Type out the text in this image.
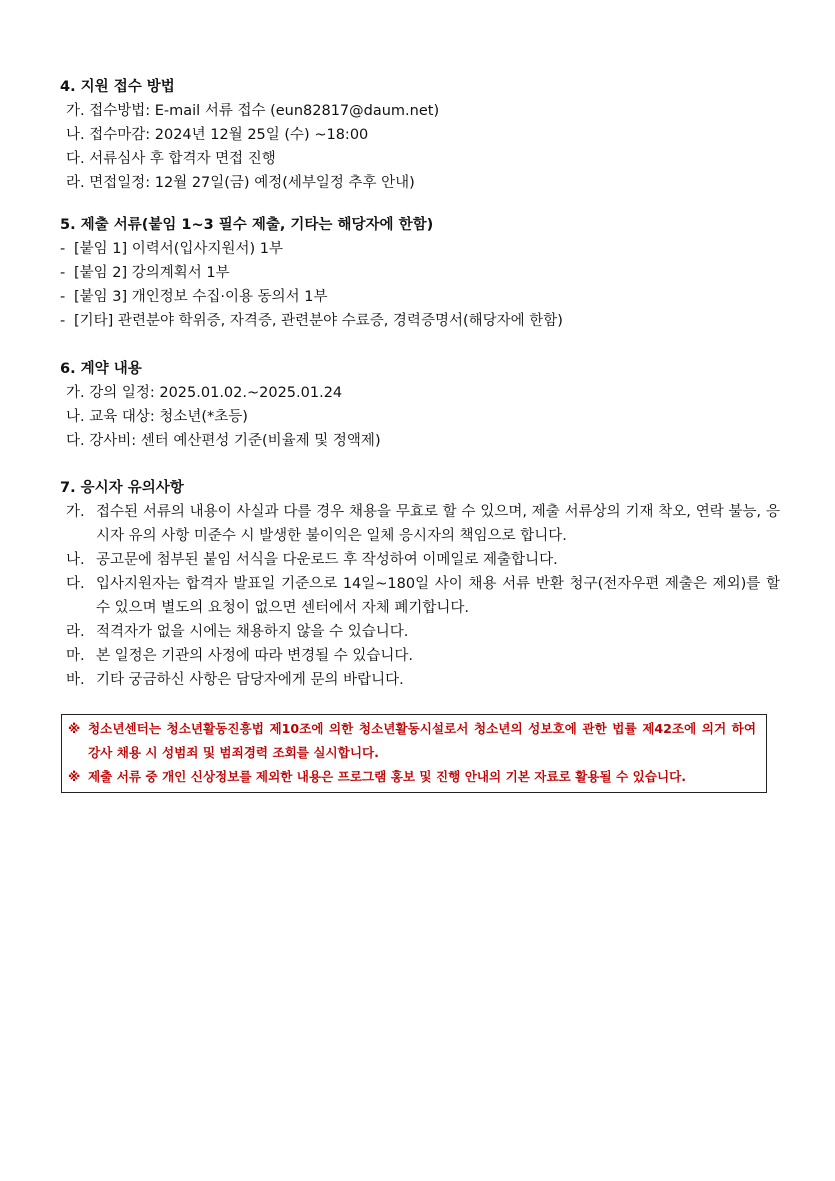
4. 지원 접수 방법
가. 접수방법: E-mail 서류 접수 (eun82817@daum.net)
나. 접수마감: 2024년 12월 25일 (수) ~18:00
다. 서류심사 후 합격자 면접 진행
라. 면접일정: 12월 27일(금) 예정(세부일정 추후 안내)
5. 제출 서류(붙임 1~3 필수 제출, 기타는 해당자에 한함)
- [붙임 1] 이력서(입사지원서) 1부
- [붙임 2] 강의계획서 1부
- [붙임 3] 개인정보 수집·이용 동의서 1부
- [기타] 관련분야 학위증, 자격증, 관련분야 수료증, 경력증명서(해당자에 한함)
6. 계약 내용
가. 강의 일정: 2025.01.02.~2025.01.24
나. 교육 대상: 청소년(*초등)
다. 강사비: 센터 예산편성 기준(비율제 및 정액제)
7. 응시자 유의사항
가. 접수된 서류의 내용이 사실과 다를 경우 채용을 무효로 할 수 있으며, 제출 서류상의 기재 착오, 연락 불능, 응시자 유의 사항 미준수 시 발생한 불이익은 일체 응시자의 책임으로 합니다.
나. 공고문에 첨부된 붙임 서식을 다운로드 후 작성하여 이메일로 제출합니다.
다. 입사지원자는 합격자 발표일 기준으로 14일~180일 사이 채용 서류 반환 청구(전자우편 제출은 제외)를 할 수 있으며 별도의 요청이 없으면 센터에서 자체 폐기합니다.
라. 적격자가 없을 시에는 채용하지 않을 수 있습니다.
마. 본 일정은 기관의 사정에 따라 변경될 수 있습니다.
바. 기타 궁금하신 사항은 담당자에게 문의 바랍니다.
※ 청소년센터는 청소년활동진흥법 제10조에 의한 청소년활동시설로서 청소년의 성보호에 관한 법률 제42조에 의거 하여 강사 채용 시 성범죄 및 범죄경력 조회를 실시합니다.
※ 제출 서류 중 개인 신상정보를 제외한 내용은 프로그램 홍보 및 진행 안내의 기본 자료로 활용될 수 있습니다.
